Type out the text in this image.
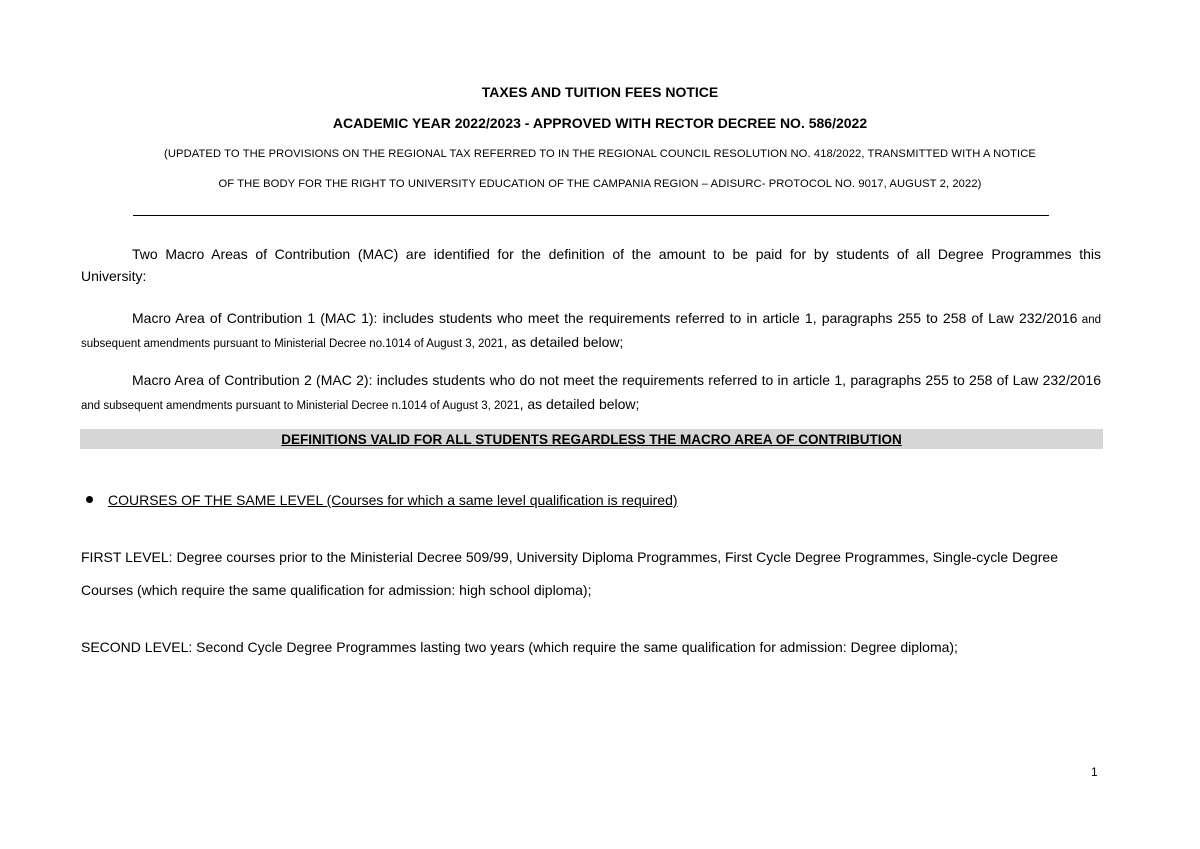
TAXES AND TUITION FEES NOTICE
ACADEMIC YEAR 2022/2023 - APPROVED WITH RECTOR DECREE NO. 586/2022
(UPDATED TO THE PROVISIONS ON THE REGIONAL TAX REFERRED TO IN THE REGIONAL COUNCIL RESOLUTION NO. 418/2022, TRANSMITTED WITH A NOTICE
OF THE BODY FOR THE RIGHT TO UNIVERSITY EDUCATION OF THE CAMPANIA REGION – ADISURC- PROTOCOL NO. 9017, AUGUST 2, 2022)
Two Macro Areas of Contribution (MAC) are identified for the definition of the amount to be paid for by students of all Degree Programmes this University:
Macro Area of Contribution 1 (MAC 1): includes students who meet the requirements referred to in article 1, paragraphs 255 to 258 of Law 232/2016 and subsequent amendments pursuant to Ministerial Decree no.1014 of August 3, 2021, as detailed below;
Macro Area of Contribution 2 (MAC 2): includes students who do not meet the requirements referred to in article 1, paragraphs 255 to 258 of Law 232/2016 and subsequent amendments pursuant to Ministerial Decree n.1014 of August 3, 2021, as detailed below;
DEFINITIONS VALID FOR ALL STUDENTS REGARDLESS THE MACRO AREA OF CONTRIBUTION
COURSES OF THE SAME LEVEL (Courses for which a same level qualification is required)
FIRST LEVEL: Degree courses prior to the Ministerial Decree 509/99, University Diploma Programmes, First Cycle Degree Programmes, Single-cycle Degree Courses (which require the same qualification for admission: high school diploma);
SECOND LEVEL: Second Cycle Degree Programmes lasting two years (which require the same qualification for admission: Degree diploma);
1
